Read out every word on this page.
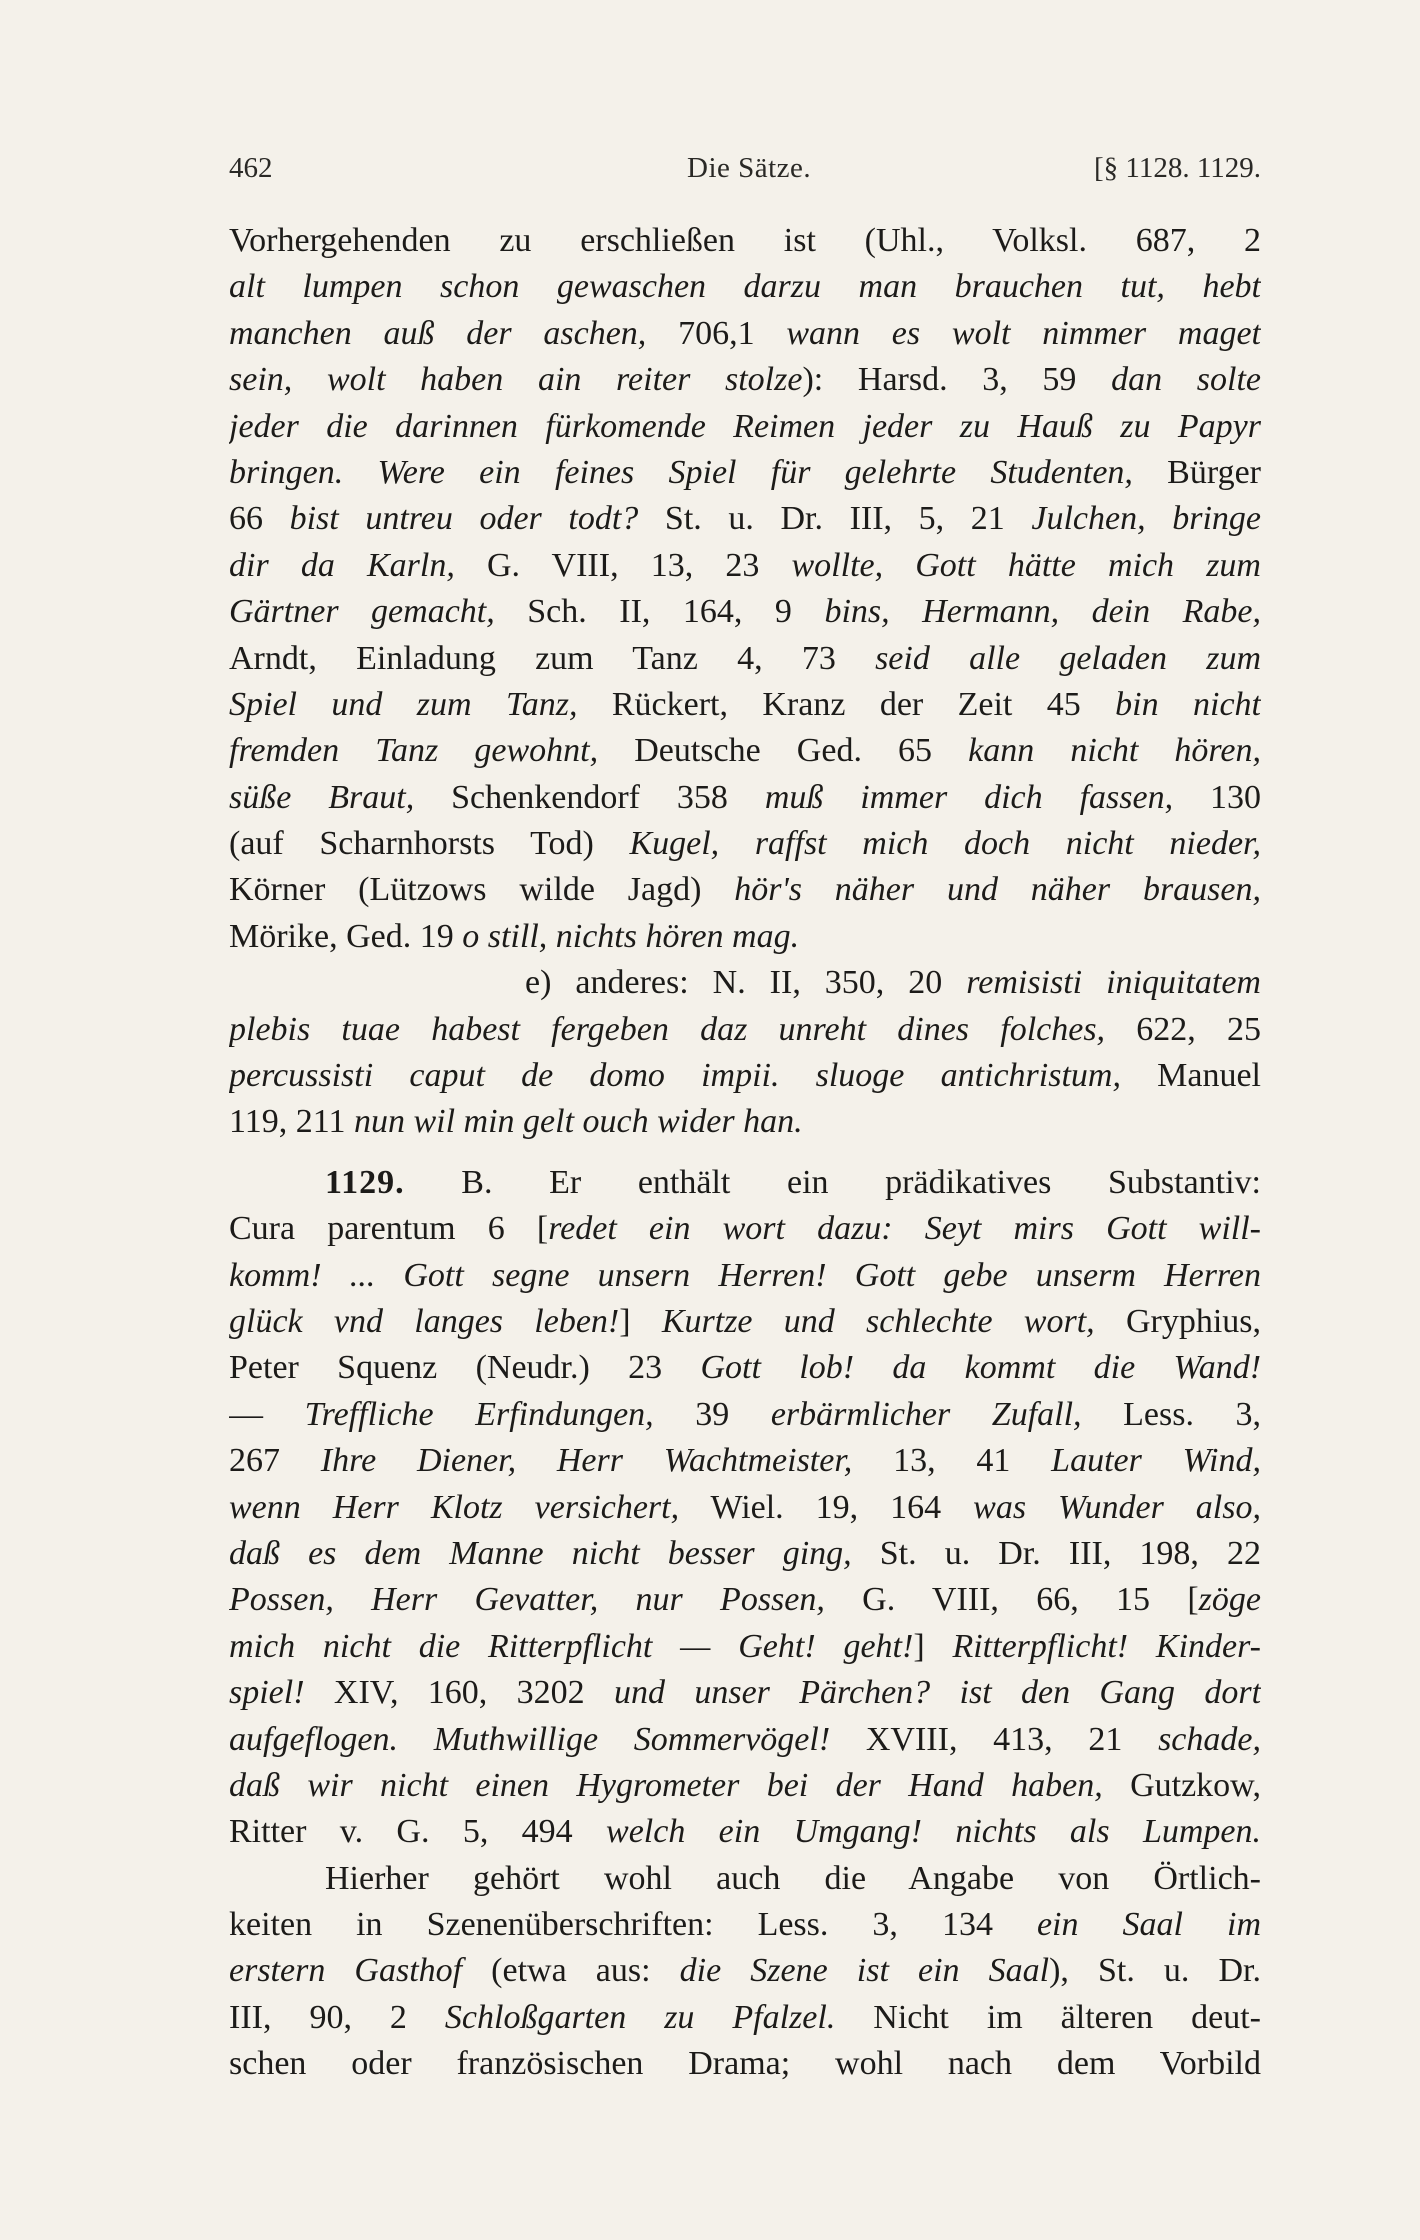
462	Die Sätze.	[§ 1128. 1129.
Vorhergehenden zu erschließen ist (Uhl., Volksl. 687, 2
alt lumpen schon gewaschen darzu man brauchen tut, hebt
manchen auß der aschen, 706,1 wann es wolt nimmer maget
sein, wolt haben ain reiter stolze): Harsd. 3, 59 dan solte
jeder die darinnen fürkomende Reimen jeder zu Hauß zu Papyr
bringen. Were ein feines Spiel für gelehrte Studenten, Bürger
66 bist untreu oder todt? St. u. Dr. III, 5, 21 Julchen, bringe
dir da Karln, G. VIII, 13, 23 wollte, Gott hätte mich zum
Gärtner gemacht, Sch. II, 164, 9 bins, Hermann, dein Rabe,
Arndt, Einladung zum Tanz 4, 73 seid alle geladen zum
Spiel und zum Tanz, Rückert, Kranz der Zeit 45 bin nicht
fremden Tanz gewohnt, Deutsche Ged. 65 kann nicht hören,
süße Braut, Schenkendorf 358 muß immer dich fassen, 130
(auf Scharnhorsts Tod) Kugel, raffst mich doch nicht nieder,
Körner (Lützows wilde Jagd) hör's näher und näher brausen,
Mörike, Ged. 19 o still, nichts hören mag.
e) anderes: N. II, 350, 20 remisisti iniquitatem
plebis tuae habest fergeben daz unreht dines folches, 622, 25
percussisti caput de domo impii. sluoge antichristum, Manuel
119, 211 nun wil min gelt ouch wider han.
1129. B. Er enthält ein prädikatives Substantiv:
Cura parentum 6 [redet ein wort dazu: Seyt mirs Gott will-
komm! ... Gott segne unsern Herren! Gott gebe unserm Herren
glück vnd langes leben!] Kurtze und schlechte wort, Gryphius,
Peter Squenz (Neudr.) 23 Gott lob! da kommt die Wand!
— Treffliche Erfindungen, 39 erbärmlicher Zufall, Less. 3,
267 Ihre Diener, Herr Wachtmeister, 13, 41 Lauter Wind,
wenn Herr Klotz versichert, Wiel. 19, 164 was Wunder also,
daß es dem Manne nicht besser ging, St. u. Dr. III, 198, 22
Possen, Herr Gevatter, nur Possen, G. VIII, 66, 15 [zöge
mich nicht die Ritterpflicht — Geht! geht!] Ritterpflicht! Kinder-
spiel! XIV, 160, 3202 und unser Pärchen? ist den Gang dort
aufgeflogen. Muthwillige Sommervögel! XVIII, 413, 21 schade,
daß wir nicht einen Hygrometer bei der Hand haben, Gutzkow,
Ritter v. G. 5, 494 welch ein Umgang! nichts als Lumpen.
Hierher gehört wohl auch die Angabe von Örtlich-
keiten in Szenenüberschriften: Less. 3, 134 ein Saal im
erstern Gasthof (etwa aus: die Szene ist ein Saal), St. u. Dr.
III, 90, 2 Schloßgarten zu Pfalzel. Nicht im älteren deut-
schen oder französischen Drama; wohl nach dem Vorbild
